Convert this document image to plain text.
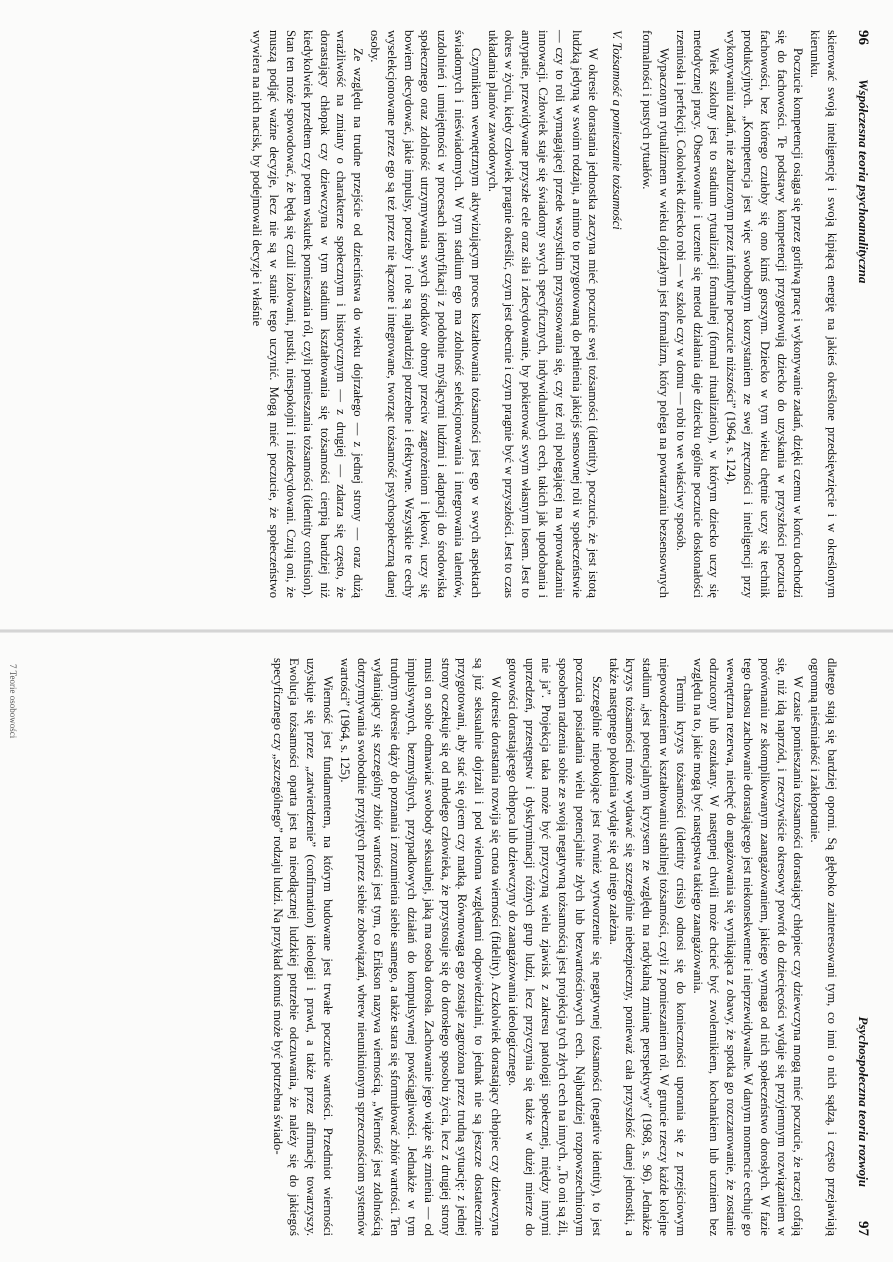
96
Współczesna teoria psychoanalityczna

skierować swoją inteligencję i swoją kipiącą energię na jakieś określone przedsięwzięcie i w określonym kierunku.

Poczucie kompetencji osiąga się przez gorliwą pracę i wykonywanie zadań, dzięki czemu w końcu dochodzi się do fachowości. Te podstawy kompetencji przygotowują dziecko do uzyskania w przyszłości poczucia fachowości, bez którego czułoby się ono kimś gorszym. Dziecko w tym wieku chętnie uczy się technik produkcyjnych. „Kompetencja jest więc swobodnym korzystaniem ze swej zręczności i inteligencji przy wykonywaniu zadań, nie zaburzonym przez infantylne poczucie niższości” (1964, s. 124).

Wiek szkolny jest to stadium rytualizacji formalnej (formal ritualization), w którym dziecko uczy się metodycznej pracy. Obserwowanie i uczenie się metod działania daje dziecku ogólne poczucie doskonałości rzemiosła i perfekcji. Cokolwiek dziecko robi — w szkole czy w domu — robi to we właściwy sposób.

Wypaczonym rytualizmem w wieku dojrzałym jest formalizm, który polega na powtarzaniu bezsensownych formalności i pustych rytuałów.

V. Tożsamość a pomieszanie tożsamości

W okresie dorastania jednostka zaczyna mieć poczucie swej tożsamości (identity), poczucie, że jest istotą ludzką jedyną w swoim rodzaju, a mimo to przygotowaną do pełnienia jakiejś sensownej roli w społeczeństwie — czy to roli wymagającej przede wszystkim przystosowania się, czy też roli polegającej na wprowadzaniu innowacji. Człowiek staje się świadomy swych specyficznych, indywidualnych cech, takich jak upodobania i antypatie, przewidywane przyszłe cele oraz siła i zdecydowanie, by pokierować swym własnym losem. Jest to okres w życiu, kiedy człowiek pragnie określić, czym jest obecnie i czym pragnie być w przyszłości. Jest to czas układania planów zawodowych.

Czynnikiem wewnętrznym aktywizującym proces kształtowania tożsamości jest ego w swych aspektach świadomych i nieświadomych. W tym stadium ego ma zdolność selekcjonowania i integrowania talentów, uzdolnień i umiejętności w procesach identyfikacji z podobnie myślącymi ludźmi i adaptacji do środowiska społecznego oraz zdolność utrzymywania swych środków obrony przeciw zagrożeniom i lękowi, uczy się bowiem decydować, jakie impulsy, potrzeby i role są najbardziej potrzebne i efektywne. Wszystkie te cechy wyselekcjonowane przez ego są też przez nie łączone i integrowane, tworząc tożsamość psychospołeczną danej osoby.

Ze względu na trudne przejście od dzieciństwa do wieku dojrzałego — z jednej strony — oraz dużą wrażliwość na zmiany o charakterze społecznym i historycznym — z drugiej — zdarza się często, że dorastający chłopak czy dziewczyna w tym stadium kształtowania się tożsamości cierpią bardziej niż kiedykolwiek przedtem czy potem wskutek pomieszania ról, czyli pomieszania tożsamości (identity confusion). Stan ten może spowodować, że będą się czuli izolowani, pustki, niespokojni i niezdecydowani. Czują oni, że muszą podjąć ważne decyzje, lecz nie są w stanie tego uczynić. Mogą mieć poczucie, że społeczeństwo wywiera na nich nacisk, by podejmowali decyzje i właśnie

Psychospołeczna teoria rozwoju
97

dlatego stają się bardziej oporni. Są głęboko zainteresowani tym, co inni o nich sądzą, i często przejawiają ogromną nieśmiałość i zakłopotanie.

W czasie pomieszania tożsamości dorastający chłopiec czy dziewczyna mogą mieć poczucie, że raczej cofają się, niż idą naprzód, i rzeczywiście okresowy powrót do dziecięcości wydaje się przyjemnym rozwiązaniem w porównaniu ze skomplikowanym zaangażowaniem, jakiego wymaga od nich społeczeństwo dorosłych. W fazie tego chaosu zachowanie dorastającego jest niekonsekwentne i nieprzewidywalne. W danym momencie cechuje go wewnętrzna rezerwa, niechęć do angażowania się wynikająca z obawy, że spotka go rozczarowanie, że zostanie odrzucony lub oszukany. W następnej chwili może chcieć być zwolennikiem, kochankiem lub uczniem bez względu na to, jakie mogą być następstwa takiego zaangażowania.

Termin kryzys tożsamości (identity crisis) odnosi się do konieczności uporania się z przejściowym niepowodzeniem w kształtowaniu stabilnej tożsamości, czyli z pomieszaniem ról. W gruncie rzeczy każde kolejne stadium „jest potencjalnym kryzysem ze względu na radykalną zmianę perspektywy” (1968, s. 96). Jednakże kryzys tożsamości może wydawać się szczególnie niebezpieczny, ponieważ cała przyszłość danej jednostki, a także następnego pokolenia wydaje się od niego zależna.

Szczególnie niepokojące jest również wytworzenie się negatywnej tożsamości (negative identity), to jest poczucia posiadania wielu potencjalnie złych lub bezwartościowych cech. Najbardziej rozpowszechnionym sposobem radzenia sobie ze swoją negatywną tożsamością jest projekcja tych złych cech na innych. „To oni są źli, nie ja”. Projekcja taka może być przyczyną wielu zjawisk z zakresu patologii społecznej, między innymi uprzedzeń, przestępstw i dyskryminacji różnych grup ludzi, lecz przyczynia się także w dużej mierze do gotowości dorastającego chłopca lub dziewczyny do zaangażowania ideologicznego.

W okresie dorastania rozwija się cnota wierności (fidelity). Aczkolwiek dorastający chłopiec czy dziewczyna są już seksualnie dojrzali i pod wieloma względami odpowiedzialni, to jednak nie są jeszcze dostatecznie przygotowani, aby stać się ojcem czy matką. Równowaga ego zostaje zagrożona przez trudną sytuację: z jednej strony oczekuje się od młodego człowieka, że przystosuje się do dorosłego sposobu życia, lecz z drugiej strony musi on sobie odmawiać swobody seksualnej, jaką ma osoba dorosła. Zachowanie jego wiąże się zmienia — od impulsywnych, bezmyślnych, przypadkowych działań do kompulsywnej powściągliwości. Jednakże w tym trudnym okresie dąży do poznania i zrozumienia siebie samego, a także stara się sformułować zbiór wartości. Ten wyłaniający się szczególny zbiór wartości jest tym, co Erikson nazywa wiernością. „Wierność jest zdolnością dotrzymywania swobodnie przyjętych przez siebie zobowiązań, wbrew nieuniknionym sprzecznościom systemów wartości” (1964, s. 125).

Wierność jest fundamentem, na którym budowane jest trwałe poczucie wartości. Przedmiot wierności uzyskuje się przez „zatwierdzenie” (confirmation) ideologii i prawd, a także przez afirmację towarzyszy. Ewolucja tożsamości oparta jest na nieodłącznej ludzkiej potrzebie odczuwania, że należy się do jakiegoś specyficznego czy „szczególnego” rodzaju ludzi. Na przykład komuś może być potrzebna świado-

7 Teorie osobowości
